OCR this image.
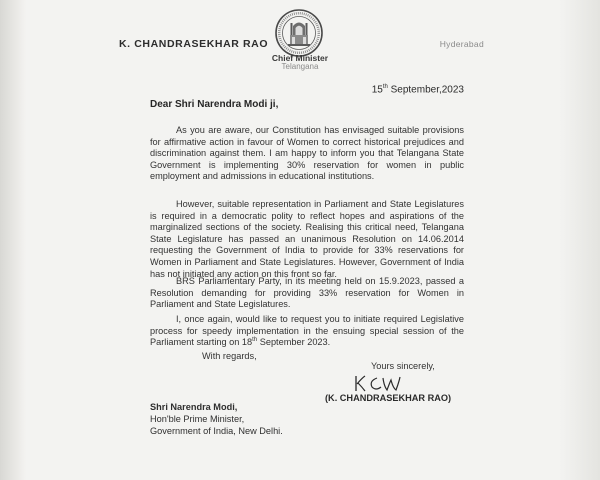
K. CHANDRASEKHAR RAO
Chief Minister
Telangana
Hyderabad
15th September,2023
Dear Shri Narendra Modi ji,
As you are aware, our Constitution has envisaged suitable provisions for affirmative action in favour of Women to correct historical prejudices and discrimination against them. I am happy to inform you that Telangana State Government is implementing 30% reservation for women in public employment and admissions in educational institutions.
However, suitable representation in Parliament and State Legislatures is required in a democratic polity to reflect hopes and aspirations of the marginalized sections of the society. Realising this critical need, Telangana State Legislature has passed an unanimous Resolution on 14.06.2014 requesting the Government of India to provide for 33% reservations for Women in Parliament and State Legislatures. However, Government of India has not initiated any action on this front so far.
BRS Parliamentary Party, in its meeting held on 15.9.2023, passed a Resolution demanding for providing 33% reservation for Women in Parliament and State Legislatures.
I, once again, would like to request you to initiate required Legislative process for speedy implementation in the ensuing special session of the Parliament starting on 18th September 2023.
With regards,
Yours sincerely,
(K. CHANDRASEKHAR RAO)
Shri Narendra Modi,
Hon'ble Prime Minister,
Government of India, New Delhi.
